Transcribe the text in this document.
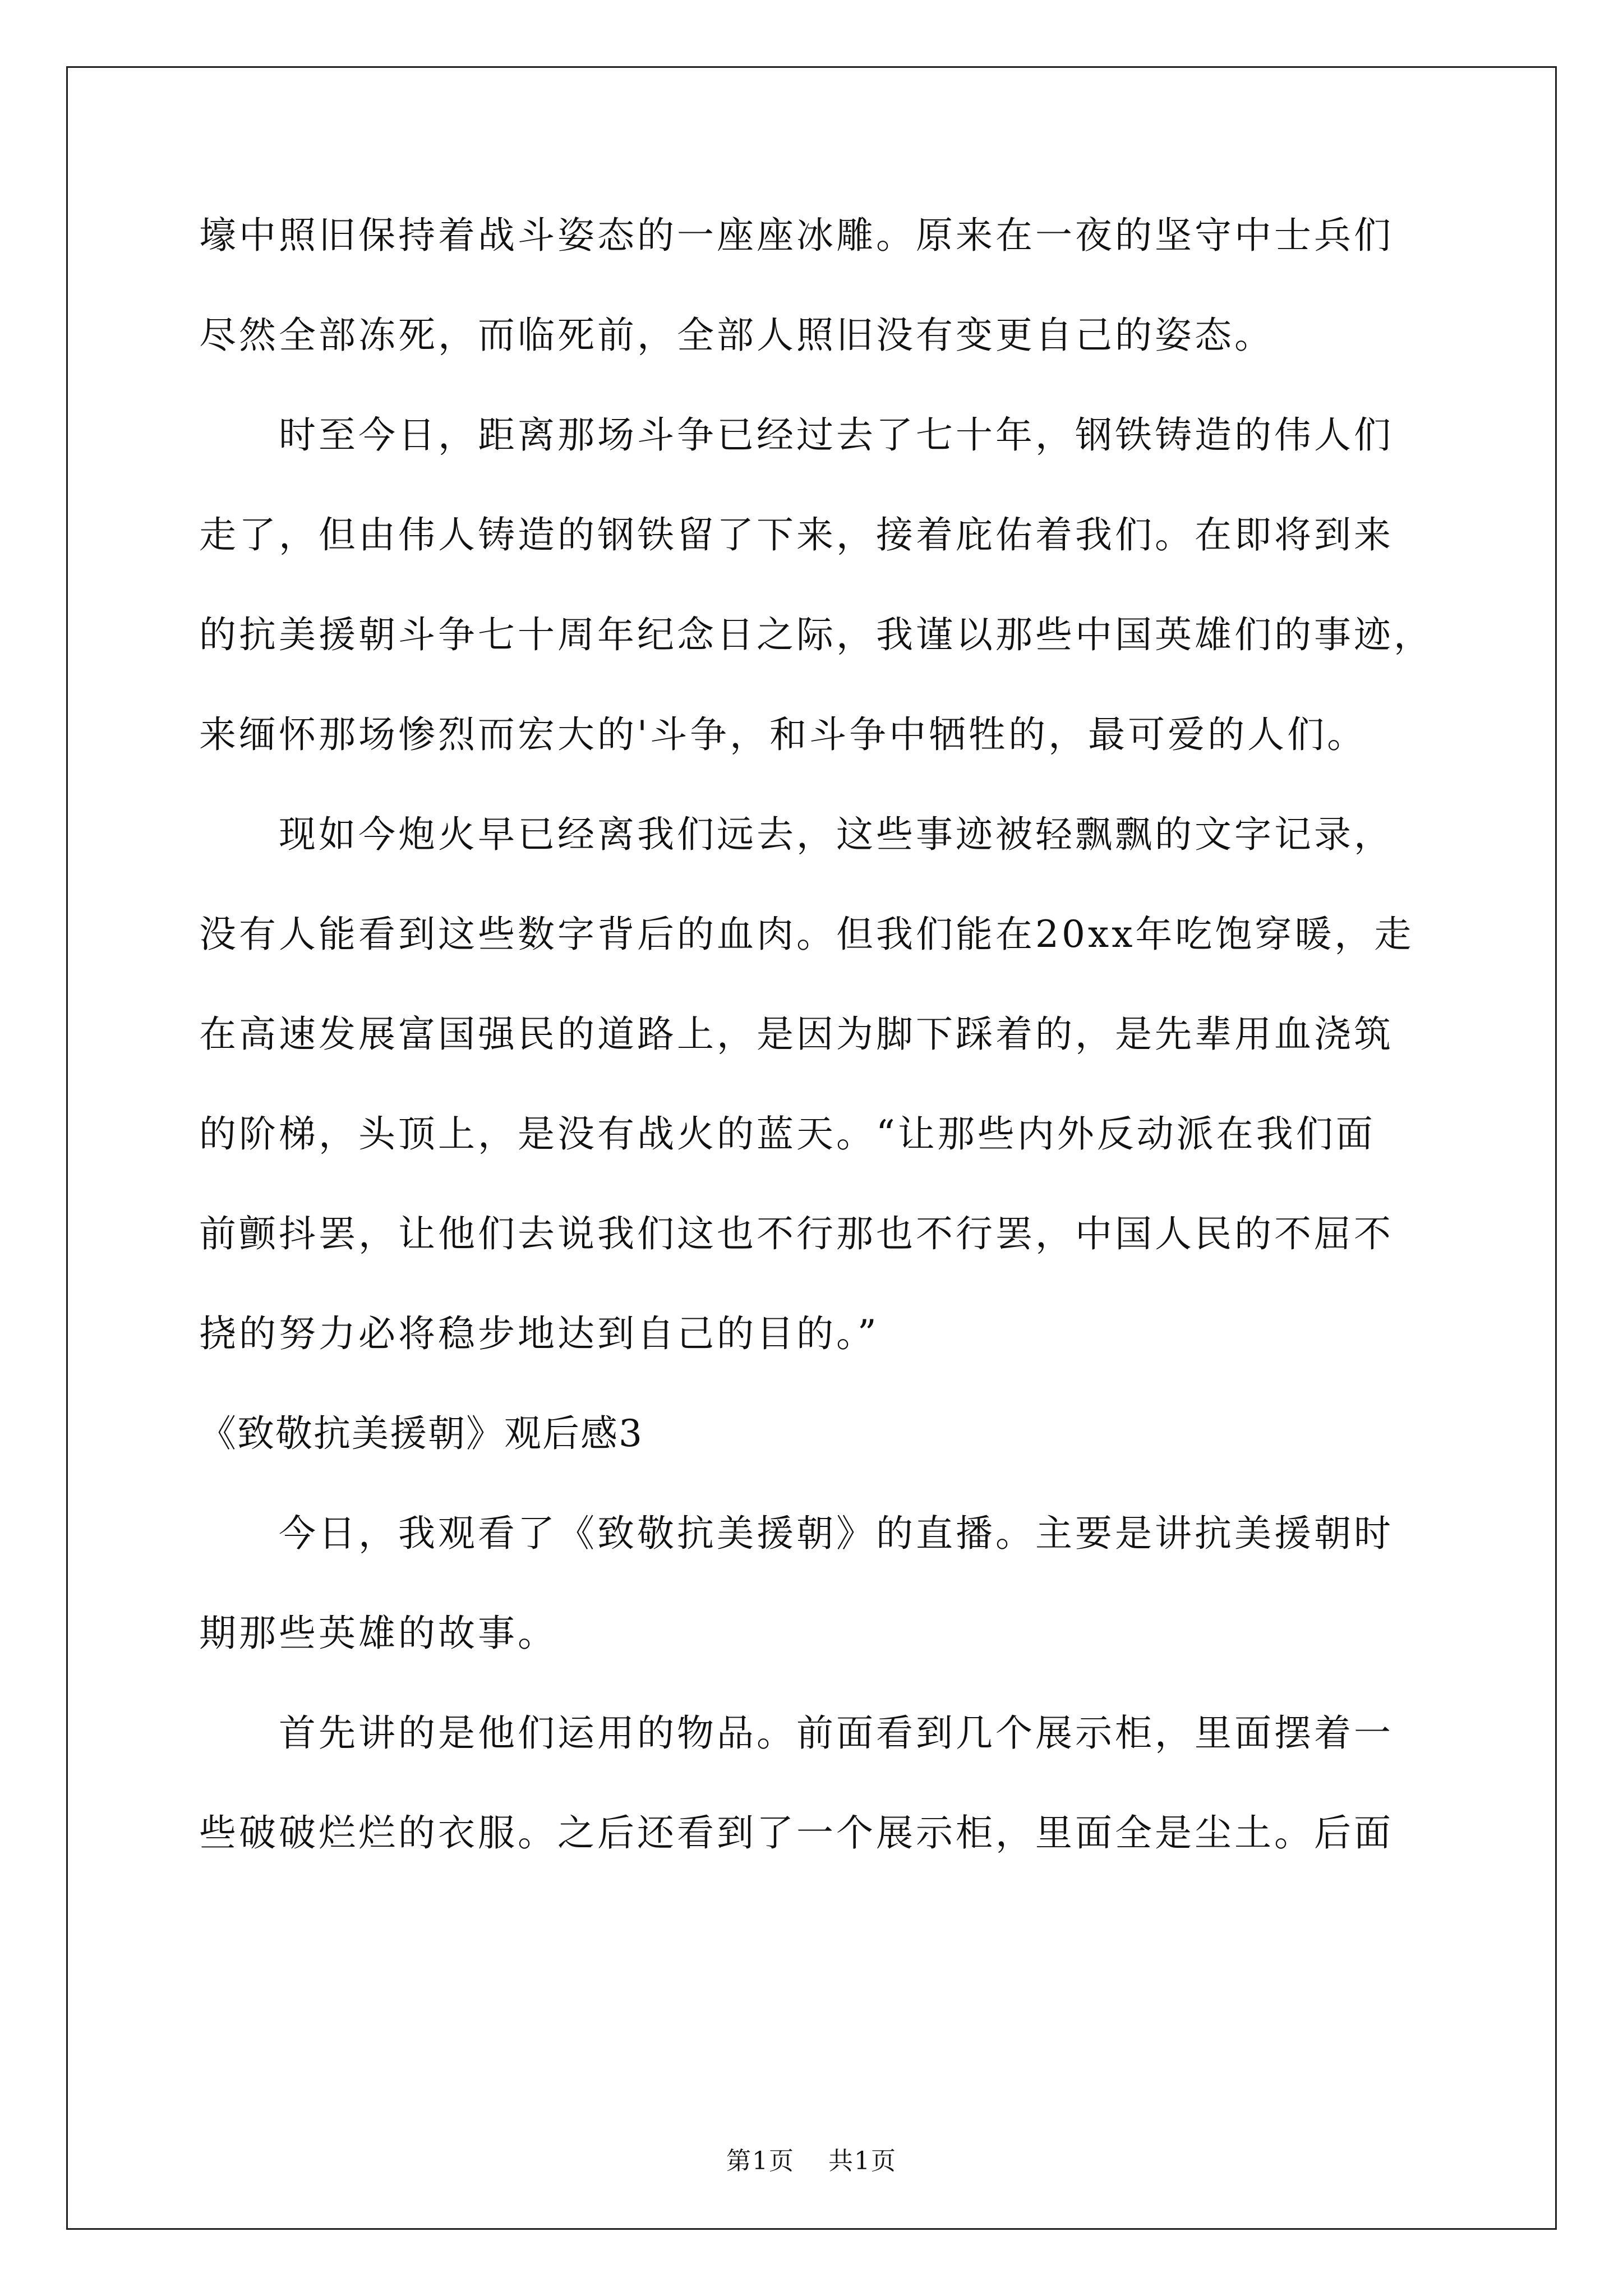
壕中照旧保持着战斗姿态的一座座冰雕。原来在一夜的坚守中士兵们
尽然全部冻死，而临死前，全部人照旧没有变更自己的姿态。
　　时至今日，距离那场斗争已经过去了七十年，钢铁铸造的伟人们
走了，但由伟人铸造的钢铁留了下来，接着庇佑着我们。在即将到来
的抗美援朝斗争七十周年纪念日之际，我谨以那些中国英雄们的事迹，
来缅怀那场惨烈而宏大的'斗争，和斗争中牺牲的，最可爱的人们。
　　现如今炮火早已经离我们远去，这些事迹被轻飘飘的文字记录，
没有人能看到这些数字背后的血肉。但我们能在20xx年吃饱穿暖，走
在高速发展富国强民的道路上，是因为脚下踩着的，是先辈用血浇筑
的阶梯，头顶上，是没有战火的蓝天。“让那些内外反动派在我们面
前颤抖罢，让他们去说我们这也不行那也不行罢，中国人民的不屈不
挠的努力必将稳步地达到自己的目的。”
《致敬抗美援朝》观后感3
　　今日，我观看了《致敬抗美援朝》的直播。主要是讲抗美援朝时
期那些英雄的故事。
　　首先讲的是他们运用的物品。前面看到几个展示柜，里面摆着一
些破破烂烂的衣服。之后还看到了一个展示柜，里面全是尘土。后面
第1页 共1页
